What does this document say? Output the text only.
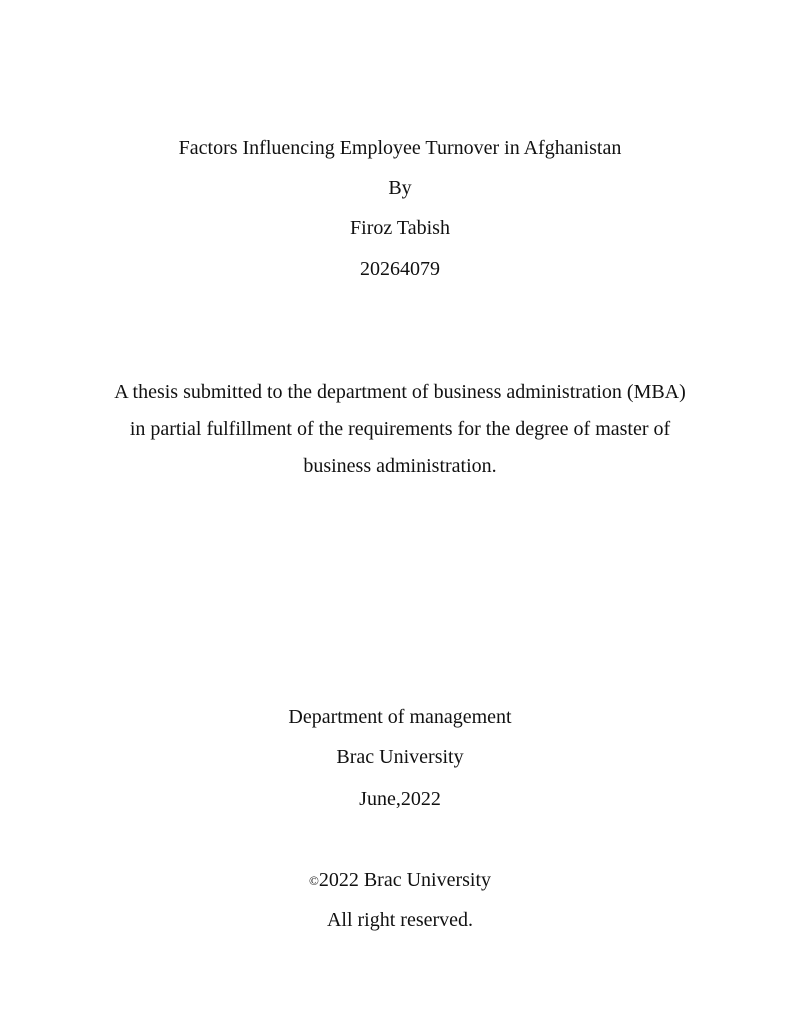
Factors Influencing Employee Turnover in Afghanistan
By
Firoz Tabish
20264079
A thesis submitted to the department of business administration (MBA)
in partial fulfillment of the requirements for the degree of master of
business administration.
Department of management
Brac University
June,2022
©2022 Brac University
All right reserved.
